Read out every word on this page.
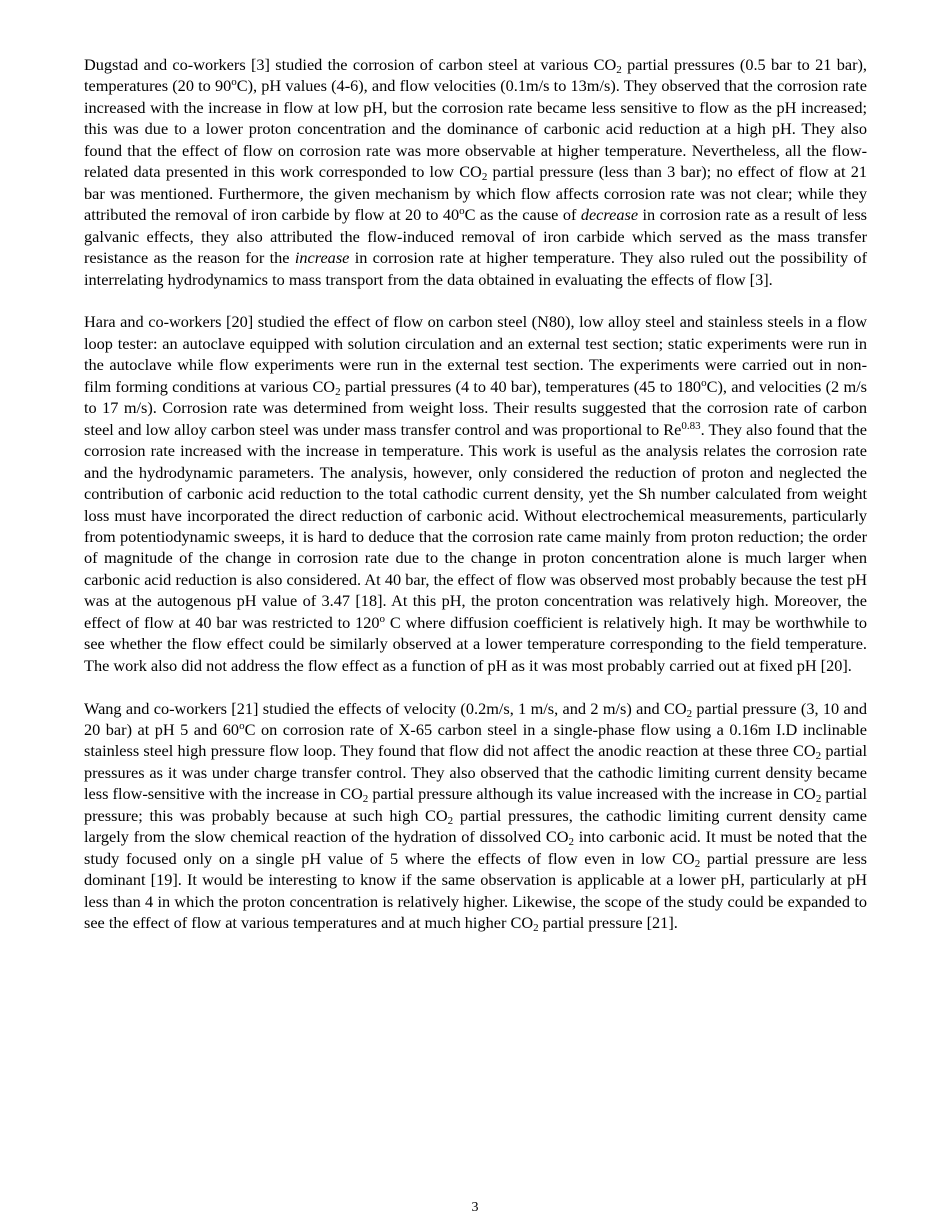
Dugstad and co-workers [3] studied the corrosion of carbon steel at various $CO_2$ partial pressures (0.5 bar to 21 bar), temperatures (20 to 90$^o$C), pH values (4-6), and flow velocities (0.1m/s to 13m/s). They observed that the corrosion rate increased with the increase in flow at low pH, but the corrosion rate became less sensitive to flow as the pH increased; this was due to a lower proton concentration and the dominance of carbonic acid reduction at a high pH. They also found that the effect of flow on corrosion rate was more observable at higher temperature. Nevertheless, all the flow-related data presented in this work corresponded to low $CO_2$ partial pressure (less than 3 bar); no effect of flow at 21 bar was mentioned. Furthermore, the given mechanism by which flow affects corrosion rate was not clear; while they attributed the removal of iron carbide by flow at 20 to 40$^o$C as the cause of decrease in corrosion rate as a result of less galvanic effects, they also attributed the flow-induced removal of iron carbide which served as the mass transfer resistance as the reason for the increase in corrosion rate at higher temperature. They also ruled out the possibility of interrelating hydrodynamics to mass transport from the data obtained in evaluating the effects of flow [3].

Hara and co-workers [20] studied the effect of flow on carbon steel (N80), low alloy steel and stainless steels in a flow loop tester: an autoclave equipped with solution circulation and an external test section; static experiments were run in the autoclave while flow experiments were run in the external test section. The experiments were carried out in non-film forming conditions at various $CO_2$ partial pressures (4 to 40 bar), temperatures (45 to 180$^o$C), and velocities (2 m/s to 17 m/s). Corrosion rate was determined from weight loss. Their results suggested that the corrosion rate of carbon steel and low alloy carbon steel was under mass transfer control and was proportional to $Re^{0.83}$. They also found that the corrosion rate increased with the increase in temperature. This work is useful as the analysis relates the corrosion rate and the hydrodynamic parameters. The analysis, however, only considered the reduction of proton and neglected the contribution of carbonic acid reduction to the total cathodic current density, yet the Sh number calculated from weight loss must have incorporated the direct reduction of carbonic acid. Without electrochemical measurements, particularly from potentiodynamic sweeps, it is hard to deduce that the corrosion rate came mainly from proton reduction; the order of magnitude of the change in corrosion rate due to the change in proton concentration alone is much larger when carbonic acid reduction is also considered. At 40 bar, the effect of flow was observed most probably because the test pH was at the autogenous pH value of 3.47 [18]. At this pH, the proton concentration was relatively high. Moreover, the effect of flow at 40 bar was restricted to 120$^o$ C where diffusion coefficient is relatively high. It may be worthwhile to see whether the flow effect could be similarly observed at a lower temperature corresponding to the field temperature. The work also did not address the flow effect as a function of pH as it was most probably carried out at fixed pH [20].

Wang and co-workers [21] studied the effects of velocity (0.2m/s, 1 m/s, and 2 m/s) and $CO_2$ partial pressure (3, 10 and 20 bar) at pH 5 and 60$^o$C on corrosion rate of X-65 carbon steel in a single-phase flow using a 0.16m I.D inclinable stainless steel high pressure flow loop. They found that flow did not affect the anodic reaction at these three $CO_2$ partial pressures as it was under charge transfer control. They also observed that the cathodic limiting current density became less flow-sensitive with the increase in $CO_2$ partial pressure although its value increased with the increase in $CO_2$ partial pressure; this was probably because at such high $CO_2$ partial pressures, the cathodic limiting current density came largely from the slow chemical reaction of the hydration of dissolved $CO_2$ into carbonic acid. It must be noted that the study focused only on a single pH value of 5 where the effects of flow even in low $CO_2$ partial pressure are less dominant [19]. It would be interesting to know if the same observation is applicable at a lower pH, particularly at pH less than 4 in which the proton concentration is relatively higher. Likewise, the scope of the study could be expanded to see the effect of flow at various temperatures and at much higher $CO_2$ partial pressure [21].

3
